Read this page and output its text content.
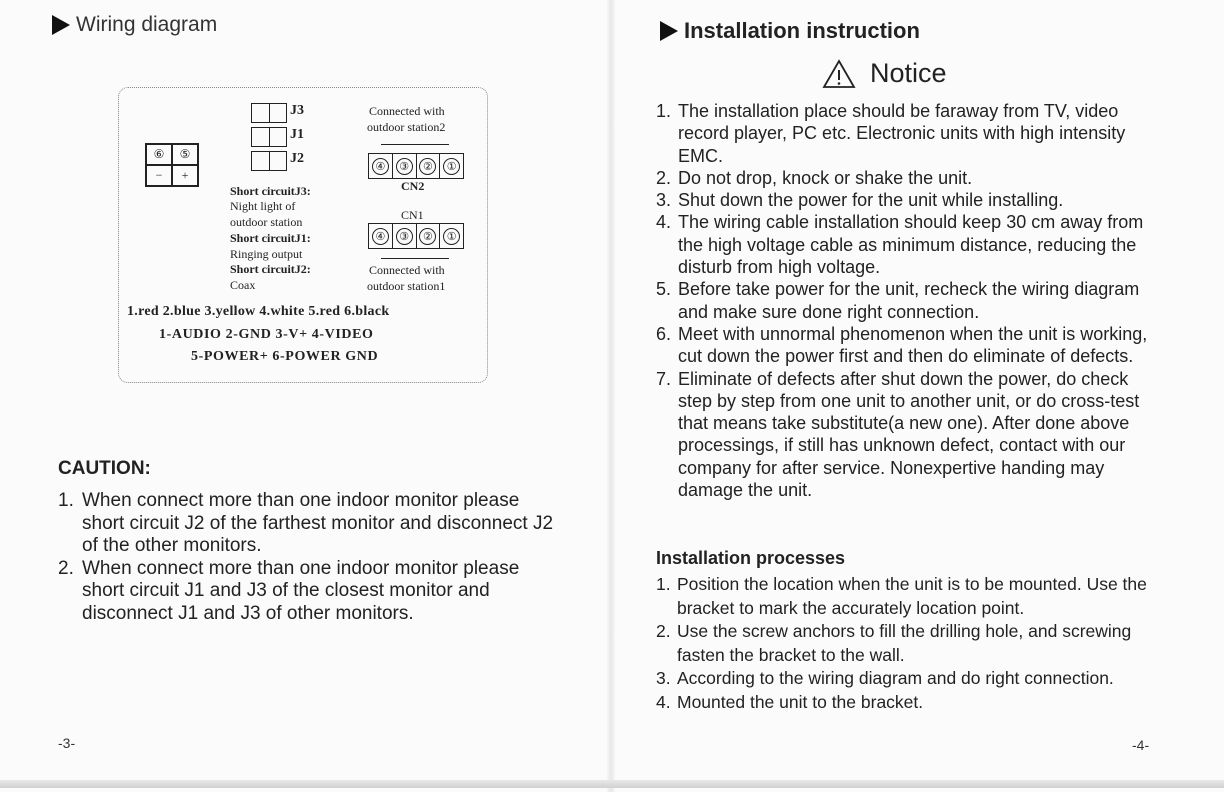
Wiring diagram
⑥	⑤
−	+
J3
J1
J2
Short circuitJ3:
Night light of
outdoor station
Short circuitJ1:
Ringing output
Short circuitJ2:
Coax
Connected with
outdoor station2
④	③	②	①
CN2
CN1
④	③	②	①
Connected with
outdoor station1
1.red 2.blue 3.yellow 4.white 5.red 6.black
1-AUDIO 2-GND 3-V+ 4-VIDEO
5-POWER+ 6-POWER GND
CAUTION:
1. When connect more than one indoor monitor please short circuit J2 of the farthest monitor and disconnect J2 of the other monitors.
2. When connect more than one indoor monitor please short circuit J1 and J3 of the closest monitor and disconnect J1 and J3 of other monitors.
-3-
Installation instruction
Notice
1. The installation place should be faraway from TV, video record player, PC etc. Electronic units with high intensity EMC.
2. Do not drop, knock or shake the unit.
3. Shut down the power for the unit while installing.
4. The wiring cable installation should keep 30 cm away from the high voltage cable as minimum distance, reducing the disturb from high voltage.
5. Before take power for the unit, recheck the wiring diagram and make sure done right connection.
6. Meet with unnormal phenomenon when the unit is working, cut down the power first and then do eliminate of defects.
7. Eliminate of defects after shut down the power, do check step by step from one unit to another unit, or do cross-test that means take substitute(a new one). After done above processings, if still has unknown defect, contact with our company for after service. Nonexpertive handing may damage the unit.
Installation processes
1. Position the location when the unit is to be mounted. Use the bracket to mark the accurately location point.
2. Use the screw anchors to fill the drilling hole, and screwing fasten the bracket to the wall.
3. According to the wiring diagram and do right connection.
4. Mounted the unit to the bracket.
-4-
